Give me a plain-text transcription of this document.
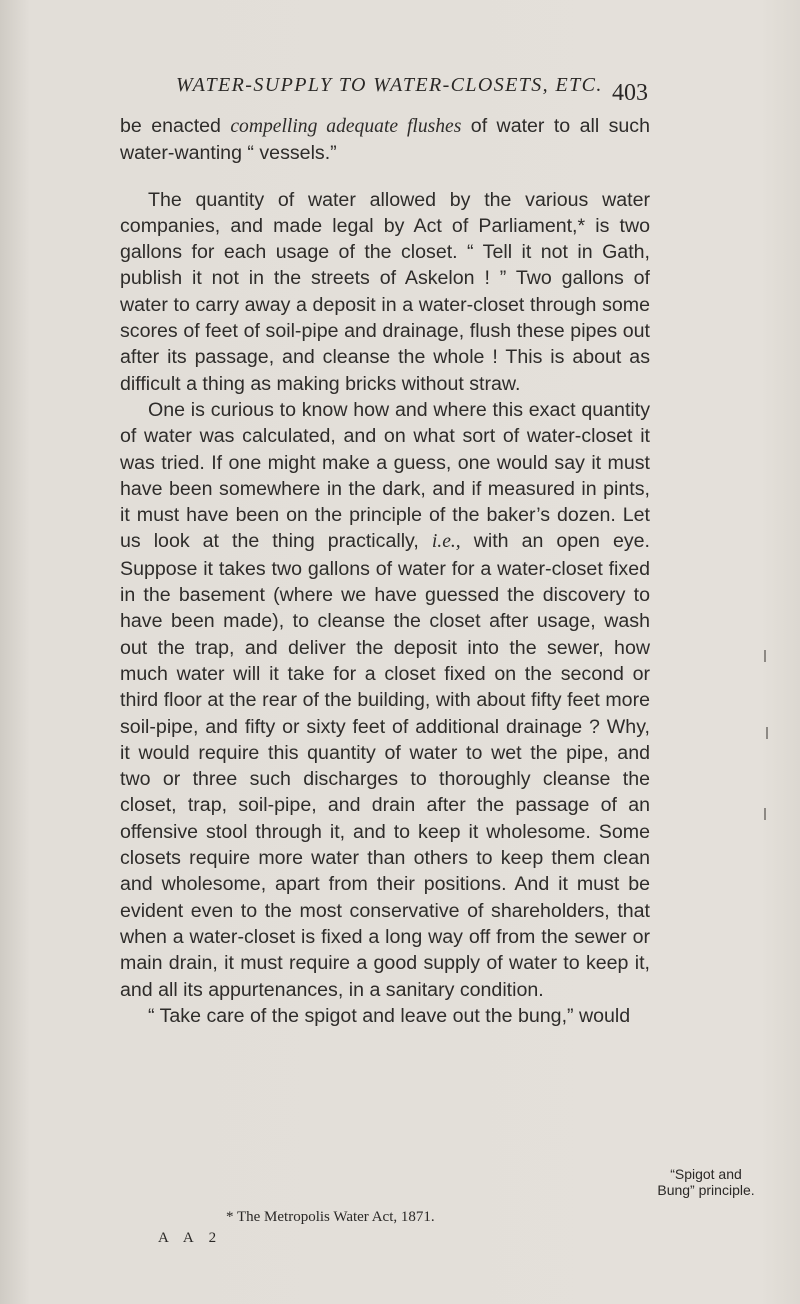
WATER-SUPPLY TO WATER-CLOSETS, ETC. 403

be enacted compelling adequate flushes of water to all such water-wanting “ vessels.”

The quantity of water allowed by the various water companies, and made legal by Act of Parliament,* is two gallons for each usage of the closet. “ Tell it not in Gath, publish it not in the streets of Askelon ! ” Two gallons of water to carry away a deposit in a water-closet through some scores of feet of soil-pipe and drainage, flush these pipes out after its passage, and cleanse the whole ! This is about as difficult a thing as making bricks without straw.

One is curious to know how and where this exact quantity of water was calculated, and on what sort of water-closet it was tried. If one might make a guess, one would say it must have been somewhere in the dark, and if measured in pints, it must have been on the principle of the baker’s dozen. Let us look at the thing practically, i.e., with an open eye. Suppose it takes two gallons of water for a water-closet fixed in the basement (where we have guessed the discovery to have been made), to cleanse the closet after usage, wash out the trap, and deliver the deposit into the sewer, how much water will it take for a closet fixed on the second or third floor at the rear of the building, with about fifty feet more soil-pipe, and fifty or sixty feet of additional drainage ? Why, it would require this quantity of water to wet the pipe, and two or three such discharges to thoroughly cleanse the closet, trap, soil-pipe, and drain after the passage of an offensive stool through it, and to keep it wholesome. Some closets require more water than others to keep them clean and wholesome, apart from their positions. And it must be evident even to the most conservative of shareholders, that when a water-closet is fixed a long way off from the sewer or main drain, it must require a good supply of water to keep it, and all its appurtenances, in a sanitary condition.

“ Take care of the spigot and leave out the bung,” would

“Spigot and Bung” principle.
* The Metropolis Water Act, 1871.
A A 2
